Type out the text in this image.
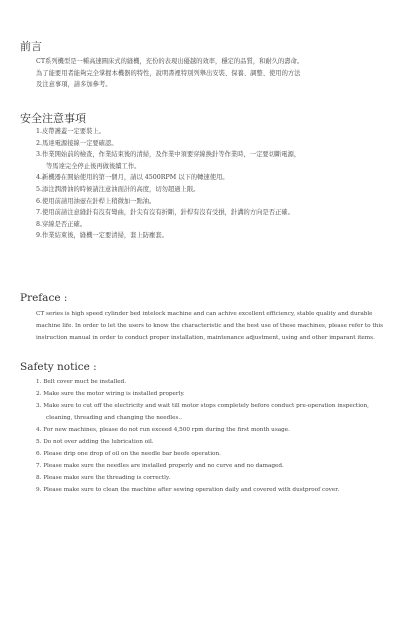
前言

CT系列機型是一種高速圓床式的縫機，充份的表現出優越的效率，穩定的品質，和耐久的壽命。

為了能要用者能夠完全掌握本機器的特性，說明書裡特別列舉出安裝、保養、調整、使用的方法

及注意事項，請多加參考。

安全注意事項
1.皮帶護蓋一定要裝上。
2.馬達電源接線一定要確認。
3.作業開始前的檢查，作業結束後的清掃，及作業中須要穿線換針等作業時，一定要切斷電源，
等馬達完全停止後再做後續工作。
4.新機器在開始使用的第一個月，請以 4500RPM 以下的轉速使用。
5.添注潤滑油的時候請注意油面計的高度，切勿超過上限。
6.使用前請用油壺在針桿上稍微加一點油。
7.使用前請注意縫針有沒有彎曲，針尖有沒有折斷，針桿有沒有受損，針溝的方向是否正確。
8.穿線是否正確。
9.作業結束後，縫機一定要清掃，套上防塵套。
Preface :

CT series is high speed cylinder bed intelock machine and can achive excellent efficiency, stable quality and durable

machine life. In order to let the users to know the characteristic and the best use of these machines, please refer to this

instruction manual in order to conduct proper installation, maintenance adjustment, using and other imparant items.

Safety notice :
1. Belt cover muct be installed.
2. Make sure the motor wiring is installed properly.
3. Make sure to cut off the electricity and wait till motor stops completely before conduct pre-operation inspection,
cleaning, threading and changing the needles..
4. For new machines, please do not run exceed 4,500 rpm during the first month usage.
5. Do not over adding the lubrication oil.
6. Please drip one drop of oil on the needle bar beofe operation.
7. Please make sure the needles are installed properly and no curve and no damaged.
8. Please make sure the threading is correctly.
9. Please make sure to clean the machine after sewing operation daily and covered with dustproof cover.
